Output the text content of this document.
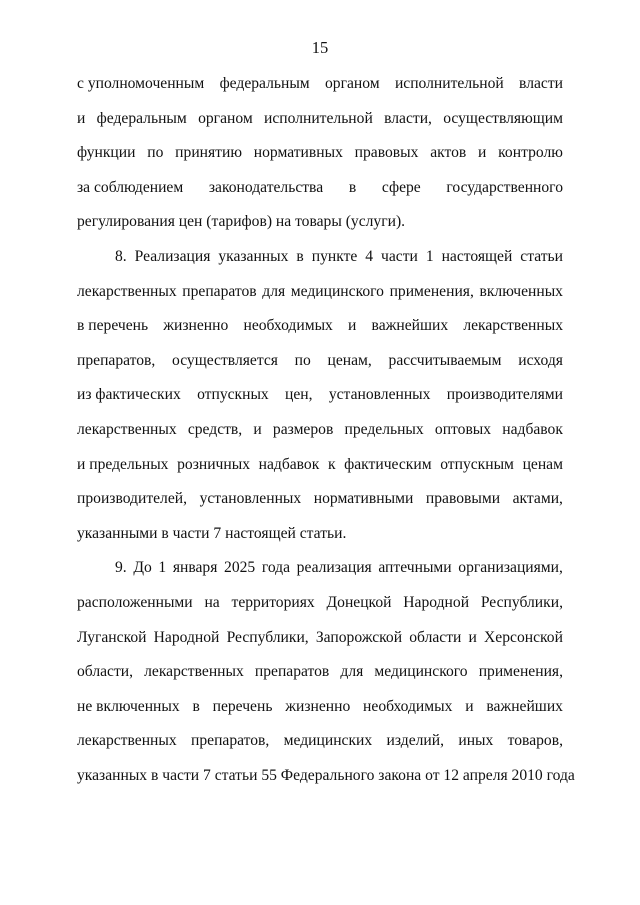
15
с уполномоченным федеральным органом исполнительной власти
и федеральным органом исполнительной власти, осуществляющим
функции по принятию нормативных правовых актов и контролю
за соблюдением законодательства в сфере государственного
регулирования цен (тарифов) на товары (услуги).
8. Реализация указанных в пункте 4 части 1 настоящей статьи
лекарственных препаратов для медицинского применения, включенных
в перечень жизненно необходимых и важнейших лекарственных
препаратов, осуществляется по ценам, рассчитываемым исходя
из фактических отпускных цен, установленных производителями
лекарственных средств, и размеров предельных оптовых надбавок
и предельных розничных надбавок к фактическим отпускным ценам
производителей, установленных нормативными правовыми актами,
указанными в части 7 настоящей статьи.
9. До 1 января 2025 года реализация аптечными организациями,
расположенными на территориях Донецкой Народной Республики,
Луганской Народной Республики, Запорожской области и Херсонской
области, лекарственных препаратов для медицинского применения,
не включенных в перечень жизненно необходимых и важнейших
лекарственных препаратов, медицинских изделий, иных товаров,
указанных в части 7 статьи 55 Федерального закона от 12 апреля 2010 года
